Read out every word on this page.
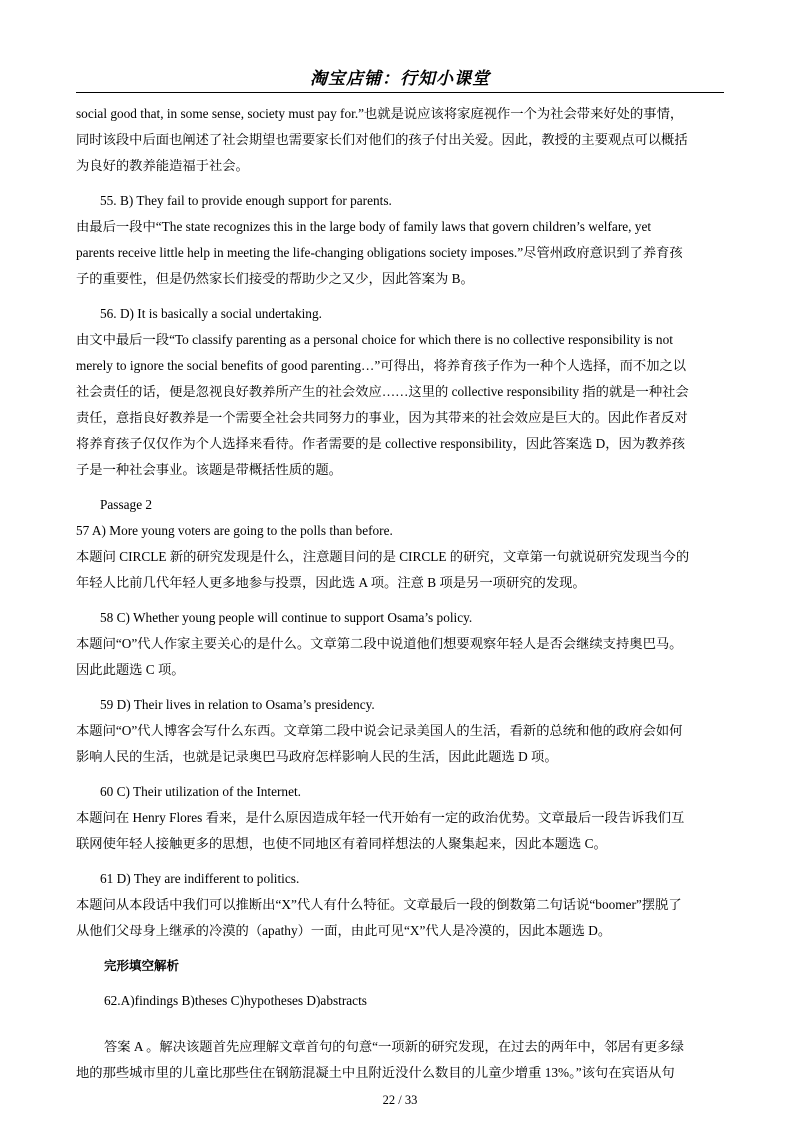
淘宝店铺：行知小课堂

social good that, in some sense, society must pay for.”也就是说应该将家庭视作一个为社会带来好处的事情，

同时该段中后面也阐述了社会期望也需要家长们对他们的孩子付出关爱。因此，教授的主要观点可以概括

为良好的教养能造福于社会。

55. B) They fail to provide enough support for parents.

由最后一段中“The state recognizes this in the large body of family laws that govern children’s welfare, yet

parents receive little help in meeting the life-changing obligations society imposes.”尽管州政府意识到了养育孩

子的重要性，但是仍然家长们接受的帮助少之又少，因此答案为 B。

56. D) It is basically a social undertaking.

由文中最后一段“To classify parenting as a personal choice for which there is no collective responsibility is not

merely to ignore the social benefits of good parenting…”可得出，将养育孩子作为一种个人选择，而不加之以

社会责任的话，便是忽视良好教养所产生的社会效应……这里的 collective responsibility 指的就是一种社会

责任，意指良好教养是一个需要全社会共同努力的事业，因为其带来的社会效应是巨大的。因此作者反对

将养育孩子仅仅作为个人选择来看待。作者需要的是 collective responsibility，因此答案选 D，因为教养孩

子是一种社会事业。该题是带概括性质的题。

Passage 2

57 A) More young voters are going to the polls than before.

本题问 CIRCLE 新的研究发现是什么，注意题目问的是 CIRCLE 的研究，文章第一句就说研究发现当今的

年轻人比前几代年轻人更多地参与投票，因此选 A 项。注意 B 项是另一项研究的发现。

58 C) Whether young people will continue to support Osama’s policy.

本题问“O”代人作家主要关心的是什么。文章第二段中说道他们想要观察年轻人是否会继续支持奥巴马。

因此此题选 C 项。

59 D) Their lives in relation to Osama’s presidency.

本题问“O”代人博客会写什么东西。文章第二段中说会记录美国人的生活，看新的总统和他的政府会如何

影响人民的生活，也就是记录奥巴马政府怎样影响人民的生活，因此此题选 D 项。

60 C) Their utilization of the Internet.

本题问在 Henry Flores 看来，是什么原因造成年轻一代开始有一定的政治优势。文章最后一段告诉我们互

联网使年轻人接触更多的思想，也使不同地区有着同样想法的人聚集起来，因此本题选 C。

61 D) They are indifferent to politics.

本题问从本段话中我们可以推断出“X”代人有什么特征。文章最后一段的倒数第二句话说“boomer”摆脱了

从他们父母身上继承的冷漠的（apathy）一面，由此可见“X”代人是冷漠的，因此本题选 D。

完形填空解析

62.A)findings B)theses C)hypotheses D)abstracts

答案 A 。解决该题首先应理解文章首句的句意“一项新的研究发现，在过去的两年中，邻居有更多绿

地的那些城市里的儿童比那些住在钢筋混凝土中且附近没什么数目的儿童少增重 13%。”该句在宾语从句

22 / 33
